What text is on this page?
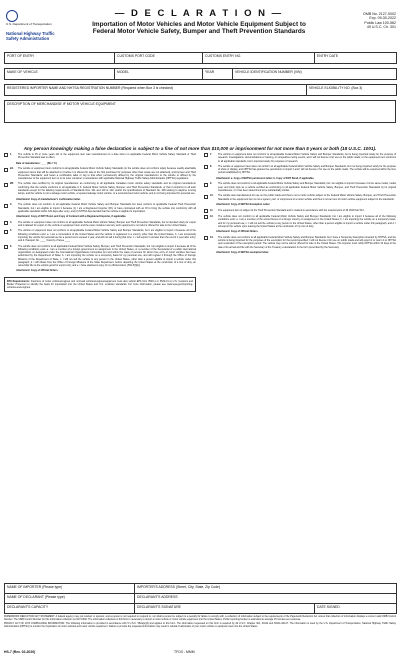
U.S. Department of Transportation
National Highway Traffic Safety Administration
— D E C L A R A T I O N —
Importation of Motor Vehicles and Motor Vehicle Equipment Subject to
Federal Motor Vehicle Safety, Bumper and Theft Prevention Standards
OMB No. 2127-0002
Exp. 09-30-2022
Public Law 100-562
49 U.S.C. Ch. 301
PORT OF ENTRY	CUSTOMS PORT CODE	CUSTOMS ENTRY NO.	ENTRY DATE
MAKE OF VEHICLE	MODEL	YEAR	VEHICLE IDENTIFICATION NUMBER (VIN)
REGISTERED IMPORTER NAME AND NHTSA REGISTRATION NUMBER (Required when Box 3 is checked)	VEHICLE ELIGIBILITY NO. (Box 3)
DESCRIPTION OF MERCHANDISE IF MOTOR VEHICLE EQUIPMENT
Any person knowingly making a false declaration is subject to a fine of not more than $10,000 or imprisonment for not more than 5 years or both (18 U.S.C. 1001).
1.	The vehicle is 25 or more years old or the equipment item was manufactured on a date when no applicable Federal Motor Vehicle Safety Standard or Theft Prevention Standard was in effect.
Date of manufacture: ____ (Mo / Yr)
2A.	The vehicle or equipment item conforms to all applicable Federal Motor Vehicle Safety Standards (or the vehicle does not conform solely because readily attachable equipment items that will be attached to it before it is offered for sale to the first purchaser for purposes other than resale are not attached), and bumper and Theft Prevention Standards, and bears a certification label or tag to that effect permanently affixed by the original manufacturer to the vehicle or affixed by the manufacturer to the equipment item or to its outer container in accordance with applicable National Highway Traffic Safety Administration (NHTSA) regulations.
2B.	The vehicle was certified by its original manufacturer as conforming to all applicable Canadian motor vehicle safety standards and its original manufacturer confirming that the vehicle conforms to all applicable U.S. Federal Motor Vehicle Safety, Bumper, and Theft Prevention Standards, or that it conforms to all such standards except for the labeling requirements of Standards Nos. 101 and 110 or 120, and/or the specifications of Standard No. 108 relating to daytime running lamps, and the vehicle is not a salvage motor vehicle, a repaired salvage motor vehicle, or a reconstructed motor vehicle, and is not being imported for personal use.
Attachment: Copy of manufacturer's confirmation letter.
3.	The vehicle does not conform to all applicable Federal Motor Vehicle Safety and Bumper Standards but does conform to applicable Federal Theft Prevention Standards, but I am eligible to import it because (1) I am a Registered Importer (RI), or have contracted with an RI to bring the vehicle into conformity with all applicable standards within 120 days after entry, and (2) NHTSA has decided that the vehicle is eligible for importation.
Attachment: Copy of DOT Bond, and Copy of Contract with a Registered Importer, if applicable.
4.	The vehicle or equipment does not conform to all applicable Federal Motor Vehicle Safety, Bumper and Theft Prevention Standards, but is intended solely for export and is labeled for export on the vehicle or equipment item and the outer container and any such equipment is not sold or offered for sale in the United States.
5.	The vehicle or equipment does not conform to all applicable Federal Motor Vehicle Safety and Bumper Standards, but I am eligible to import it because all of the following conditions exist: a. I am a nonresident of the United States and the vehicle is registered in a country other than the United States; b. I am temporarily importing the vehicle for personal use for a period not to exceed 1 year, and will not sell it during that time; c. I will export it not later than the end of 1 year after entry; and d. Passport No. ____ Country of Issue ____
6.	The vehicle does not conform to all applicable Federal Motor Vehicle Safety, Bumper, and Theft Prevention Standards, but I am eligible to import it because all of the following conditions exist: a. I am a member of a foreign government on assignment in the United States, or a member of the Secretariat of a public international organization so designated under the International Organizations Immunities Act and within the class of persons for whom free entry of motor vehicles has been authorized by the Department of State; b. I am importing the vehicle on a temporary basis for my personal use, and will register it through the Office of Foreign Missions of the Department of State; c. I will not sell the vehicle to any person in the United States, other than a person eligible to import a vehicle under this paragraph; d. I will obtain from the Office of Foreign Missions of the State Department, before departing the United States at the conclusion of a tour of duty, an ownership title to the vehicle good for export only; and e. I have attached a copy of my official orders. [591.5(f)(1)]
Attachment: Copy of Official Orders.
EPA Requirements: Importers of motor vehicles/engines and nonroad vehicles/engines/equipment must also submit EPA form 3520-1 or 3520-21 to U.S. Customs and Border Protection to identify the basis for importation into the United States and U.S. emission standards. For more information, please see www.epa.gov/importing-vehicles-and-engines.
7.	The vehicle or equipment does not conform to all applicable Federal Motor Vehicle Safety and Bumper Standards, but is being imported solely for the purpose of research, investigations, demonstrations or training, or competitive racing events, and I will not license it for use on the public roads; or the equipment item conforms to all applicable standards, but is imported solely for purposes of research.
8.	The vehicle or equipment item does not conform to all applicable Federal Motor Vehicle Safety and Bumper Standards, but it is being imported solely for the purpose of show or display, and NHTSA has granted me permission to import it and I will not license it for use on the public roads. The vehicle will be exported within the time period established by NHTSA.
Attachment: a. Copy of NHTSA permission letter; b. Copy of DOT Bond, if applicable.
9.	The vehicle does not conform to all applicable Federal Motor Vehicle Safety and Bumper Standards, but I am eligible to import it because it is the same model, model year, and body style as a vehicle certified as conforming to all applicable Federal Motor Vehicle Safety, Bumper, and Theft Prevention Standards by its original manufacturer, or it has been determined to be substantially similar.
10.	The vehicle was manufactured for use on the public roads and thus is not a motor vehicle subject to the Federal Motor Vehicle Safety, Bumper, and Theft Prevention Standards or the equipment item is not a system, part, or component of a motor vehicle and thus is not an item of motor vehicle equipment subject to the standards.
Attachment: Copy of NHTSA Exemption Letter.
11.	The equipment item is subject to the Theft Prevention Standard and is marked in accordance with the requirements of 49 CFR Part 541.
12.	The vehicle does not conform to all applicable Federal Motor Vehicle Safety and Bumper Standards, but I am eligible to import it because all of the following conditions exist: a. I am a member of the armed forces of a foreign country on assignment in the United States; b. I am importing the vehicle on a temporary basis, and for my personal use; c. I will not sell the vehicle to any person in the United States, other than a person eligible to import a vehicle under this paragraph; and d. I will export the vehicle upon leaving the United States at the conclusion of my tour of duty.
Attachment: Copy of Official Orders.
13.	The vehicle does not conform to all applicable Federal Motor Vehicle Safety and Bumper Standards, but I have a Temporary Exemption Granted by NHTSA, and the vehicle is being imported for the purposes of the exemption for the period specified; I will not license it for use on public roads and will export it or return it to NHTSA upon expiration of the exemption period. The vehicle may not be sold or offered for sale in the United States. The importer must notify NHTSA within 10 days of the date of its arrival and file with the Secretary of the Treasury a declaration in the form prescribed by the Secretary.
Attachment: Copy of NHTSA exemption letter.
NAME OF IMPORTER (Please type)	IMPORTER'S ADDRESS (Street, City, State, Zip Code)	
NAME OF DECLARANT (Please type)	DECLARANT'S ADDRESS	
DECLARANT'S CAPACITY	DECLARANT'S SIGNATURE	DATE SIGNED

PAPERWORK REDUCTION ACT STATEMENT: A federal agency may not conduct or sponsor, and a person is not required to respond to, nor shall a person be subject to a penalty for failure to comply with, a collection of information subject to the requirements of the Paperwork Reduction Act unless that collection of information displays a current valid OMB Control Number. The OMB Control Number for this information collection is 2127-0002. The information collected on this form is necessary to import a motor vehicle or motor vehicle equipment into the United States. Public reporting burden is estimated to average 15 minutes per response.

PRIVACY ACT OF 1974 COMPLIANCE INFORMATION: The following information is provided in accordance with 5 U.S.C. 552a(e)(3) and applies to this form. The information requested on this form is required by 49 U.S.C. Chapter 301, 30112 and 30141-30147. The information is used by the U.S. Department of Transportation, National Highway Traffic Safety Administration (NHTSA) to monitor the importation of motor vehicles and motor vehicle equipment. Failure to provide the requested information may result in refusal of admission of your motor vehicle or equipment item into the United States.

HS-7 (Rev. 02-2020)	TFOX - MMM
